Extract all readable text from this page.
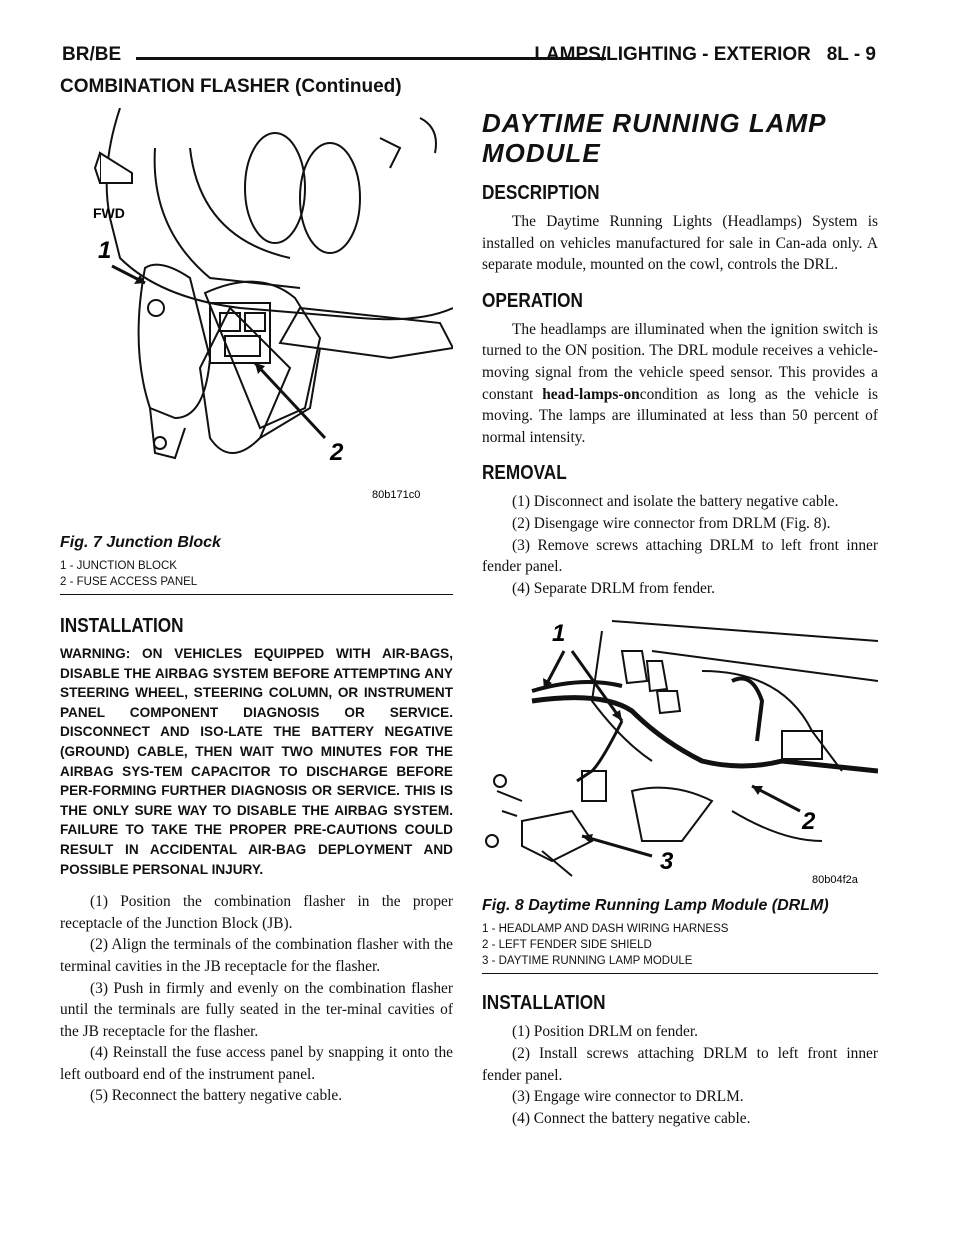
BR/BE	LAMPS/LIGHTING - EXTERIOR 8L - 9
COMBINATION FLASHER (Continued)
FWD
1
2
80b171c0
Fig. 7 Junction Block
1 - JUNCTION BLOCK
2 - FUSE ACCESS PANEL
INSTALLATION
WARNING: ON VEHICLES EQUIPPED WITH AIR-BAGS, DISABLE THE AIRBAG SYSTEM BEFORE ATTEMPTING ANY STEERING WHEEL, STEERING COLUMN, OR INSTRUMENT PANEL COMPONENT DIAGNOSIS OR SERVICE. DISCONNECT AND ISO-LATE THE BATTERY NEGATIVE (GROUND) CABLE, THEN WAIT TWO MINUTES FOR THE AIRBAG SYS-TEM CAPACITOR TO DISCHARGE BEFORE PER-FORMING FURTHER DIAGNOSIS OR SERVICE. THIS IS THE ONLY SURE WAY TO DISABLE THE AIRBAG SYSTEM. FAILURE TO TAKE THE PROPER PRE-CAUTIONS COULD RESULT IN ACCIDENTAL AIR-BAG DEPLOYMENT AND POSSIBLE PERSONAL INJURY.

(1) Position the combination flasher in the proper receptacle of the Junction Block (JB).

(2) Align the terminals of the combination flasher with the terminal cavities in the JB receptacle for the flasher.

(3) Push in firmly and evenly on the combination flasher until the terminals are fully seated in the ter-minal cavities of the JB receptacle for the flasher.

(4) Reinstall the fuse access panel by snapping it onto the left outboard end of the instrument panel.

(5) Reconnect the battery negative cable.

DAYTIME RUNNING LAMP MODULE
DESCRIPTION

The Daytime Running Lights (Headlamps) System is installed on vehicles manufactured for sale in Can-ada only. A separate module, mounted on the cowl, controls the DRL.

OPERATION

The headlamps are illuminated when the ignition switch is turned to the ON position. The DRL module receives a vehicle-moving signal from the vehicle speed sensor. This provides a constant head-lamps-oncondition as long as the vehicle is moving. The lamps are illuminated at less than 50 percent of normal intensity.

REMOVAL

(1) Disconnect and isolate the battery negative cable.

(2) Disengage wire connector from DRLM (Fig. 8).

(3) Remove screws attaching DRLM to left front inner fender panel.

(4) Separate DRLM from fender.

1
2
3
80b04f2a
Fig. 8 Daytime Running Lamp Module (DRLM)
1 - HEADLAMP AND DASH WIRING HARNESS
2 - LEFT FENDER SIDE SHIELD
3 - DAYTIME RUNNING LAMP MODULE
INSTALLATION

(1) Position DRLM on fender.

(2) Install screws attaching DRLM to left front inner fender panel.

(3) Engage wire connector to DRLM.

(4) Connect the battery negative cable.
